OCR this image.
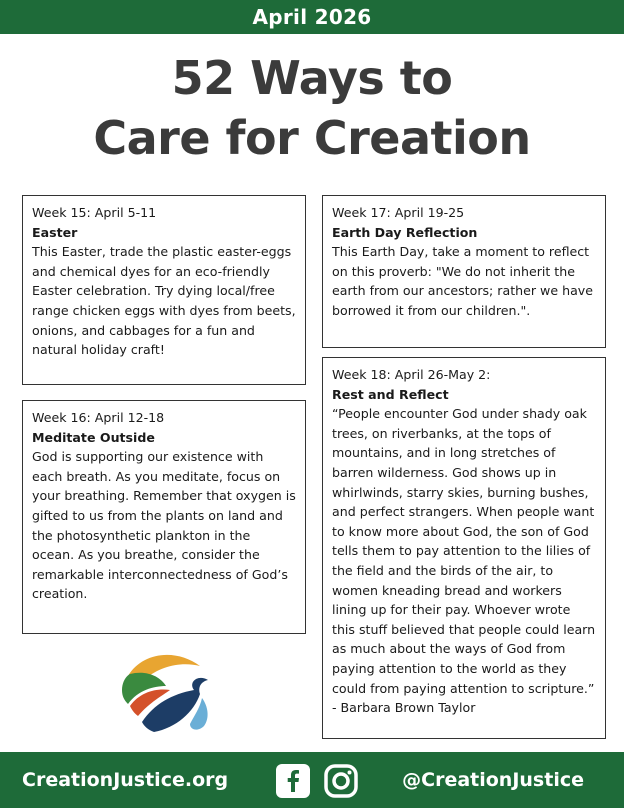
April 2026
52 Ways to
Care for Creation
Week 15: April 5-11
Easter
This Easter, trade the plastic easter-eggs and chemical dyes for an eco-friendly Easter celebration. Try dying local/free range chicken eggs with dyes from beets, onions, and cabbages for a fun and natural holiday craft!
Week 16: April 12-18
Meditate Outside
God is supporting our existence with each breath. As you meditate, focus on your breathing. Remember that oxygen is gifted to us from the plants on land and the photosynthetic plankton in the ocean. As you breathe, consider the remarkable interconnectedness of God’s creation.
Week 17: April 19-25
Earth Day Reflection
This Earth Day, take a moment to reflect on this proverb: "We do not inherit the earth from our ancestors; rather we have borrowed it from our children.".
Week 18: April 26-May 2:
Rest and Reflect
“People encounter God under shady oak trees, on riverbanks, at the tops of mountains, and in long stretches of barren wilderness. God shows up in whirlwinds, starry skies, burning bushes, and perfect strangers. When people want to know more about God, the son of God tells them to pay attention to the lilies of the field and the birds of the air, to women kneading bread and workers lining up for their pay. Whoever wrote this stuff believed that people could learn as much about the ways of God from paying attention to the world as they could from paying attention to scripture.” - Barbara Brown Taylor
CreationJustice.org	@CreationJustice
